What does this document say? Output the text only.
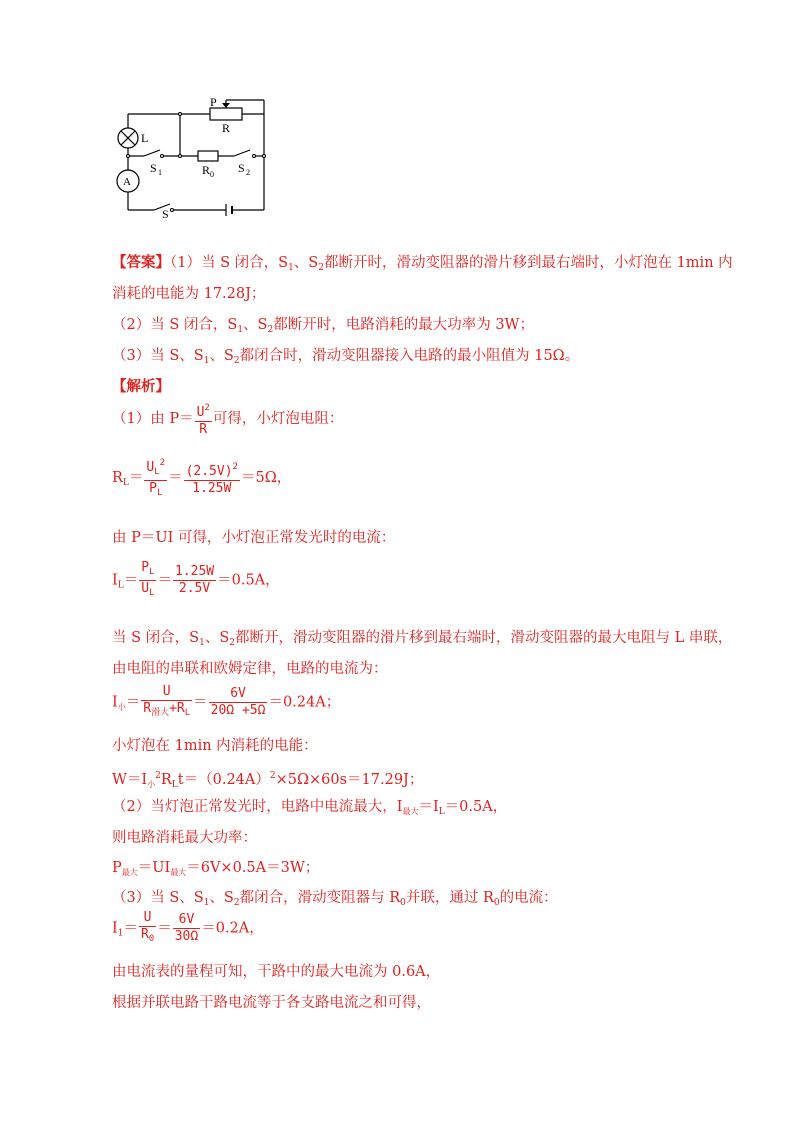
P
R
L
A
S 1	R 0 S 2
S
【答案】（1）当 S 闭合，$S_1$、$S_2$都断开时，滑动变阻器的滑片移到最右端时，小灯泡在 1min 内
消耗的电能为 17.28J；
（2）当 S 闭合，$S_1$、$S_2$都断开时，电路消耗的最大功率为 3W；
（3）当 S、$S_1$、$S_2$都闭合时，滑动变阻器接入电路的最小阻值为 15Ω。
【解析】
（1）由 $P= \frac{U^2}{R}$ 可得，小灯泡电阻：
$R_L= \frac{U_L^2}{P_L} = \frac{(2.5V)^2}{1.25W} =5\Omega$，
由 P＝UI 可得，小灯泡正常发光时的电流：
$I_L= \frac{P_L}{U_L} = \frac{1.25W}{2.5V} =0.5A$，
当 S 闭合，$S_1$、$S_2$都断开，滑动变阻器的滑片移到最右端时，滑动变阻器的最大电阻与 L 串联，
由电阻的串联和欧姆定律，电路的电流为：
$I_小= \frac{U}{R_{滑大}+R_L} = \frac{6V}{20\Omega +5\Omega} =0.24A$；
小灯泡在 1min 内消耗的电能：
$W=I_小^2R_Lt=(0.24A)^2\times 5\Omega\times 60s=17.29J$；
（2）当灯泡正常发光时，电路中电流最大，$I_{最大}=I_L=0.5A$，
则电路消耗最大功率：
$P_{最大}=UI_{最大}=6V\times 0.5A=3W$；
（3）当 S、$S_1$、$S_2$都闭合，滑动变阻器与 $R_0$并联，通过 $R_0$的电流：
$I_1= \frac{U}{R_0} = \frac{6V}{30\Omega} =0.2A$，
由电流表的量程可知，干路中的最大电流为 0.6A，
根据并联电路干路电流等于各支路电流之和可得，
